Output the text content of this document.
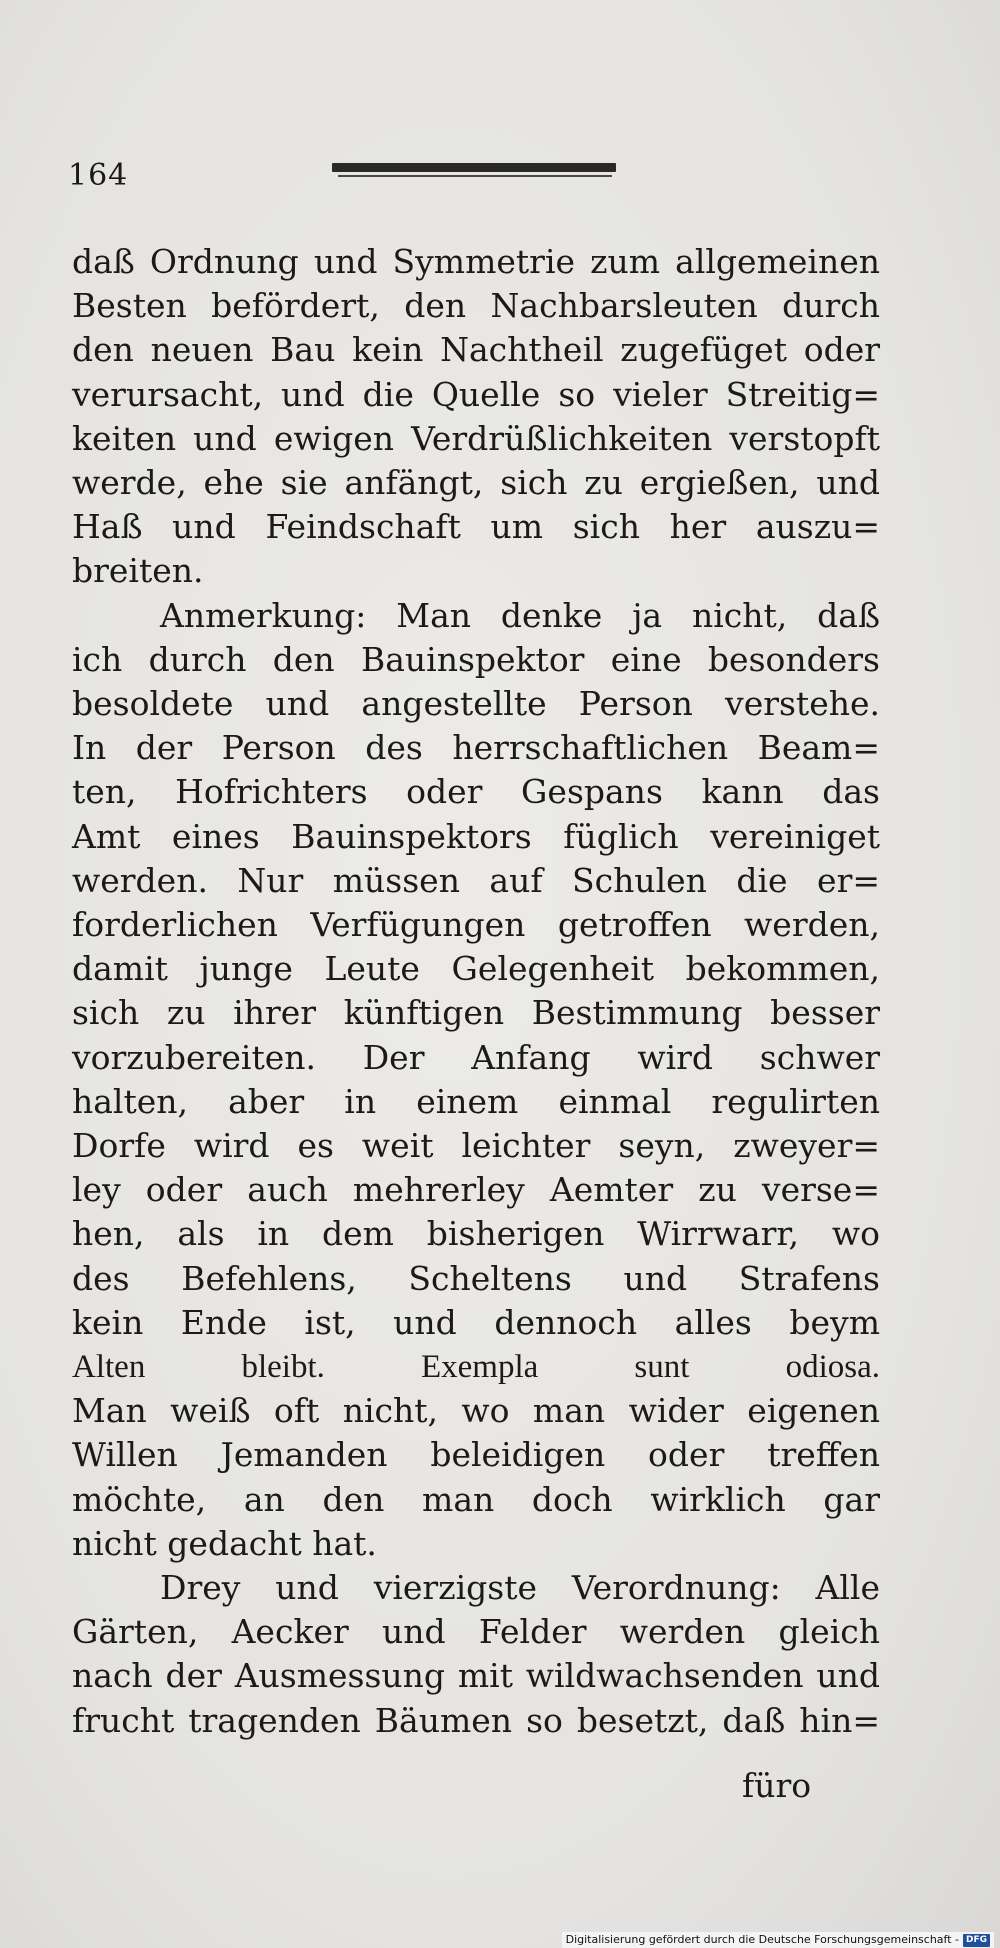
164
daß Ordnung und Symmetrie zum allgemeinen
Besten befördert, den Nachbarsleuten durch
den neuen Bau kein Nachtheil zugefüget oder
verursacht, und die Quelle so vieler Streitig=
keiten und ewigen Verdrüßlichkeiten verstopft
werde, ehe sie anfängt, sich zu ergießen, und
Haß und Feindschaft um sich her auszu=
breiten.
Anmerkung: Man denke ja nicht, daß
ich durch den Bauinspektor eine besonders
besoldete und angestellte Person verstehe.
In der Person des herrschaftlichen Beam=
ten, Hofrichters oder Gespans kann das
Amt eines Bauinspektors füglich vereiniget
werden. Nur müssen auf Schulen die er=
forderlichen Verfügungen getroffen werden,
damit junge Leute Gelegenheit bekommen,
sich zu ihrer künftigen Bestimmung besser
vorzubereiten. Der Anfang wird schwer
halten, aber in einem einmal regulirten
Dorfe wird es weit leichter seyn, zweyer=
ley oder auch mehrerley Aemter zu verse=
hen, als in dem bisherigen Wirrwarr, wo
des Befehlens, Scheltens und Strafens
kein Ende ist, und dennoch alles beym
Alten bleibt. Exempla sunt odiosa.
Man weiß oft nicht, wo man wider eigenen
Willen Jemanden beleidigen oder treffen
möchte, an den man doch wirklich gar
nicht gedacht hat.
Drey und vierzigste Verordnung: Alle
Gärten, Aecker und Felder werden gleich
nach der Ausmessung mit wildwachsenden und
frucht tragenden Bäumen so besetzt, daß hin=
füro
Digitalisierung gefördert durch die Deutsche Forschungsgemeinschaft - DFG
